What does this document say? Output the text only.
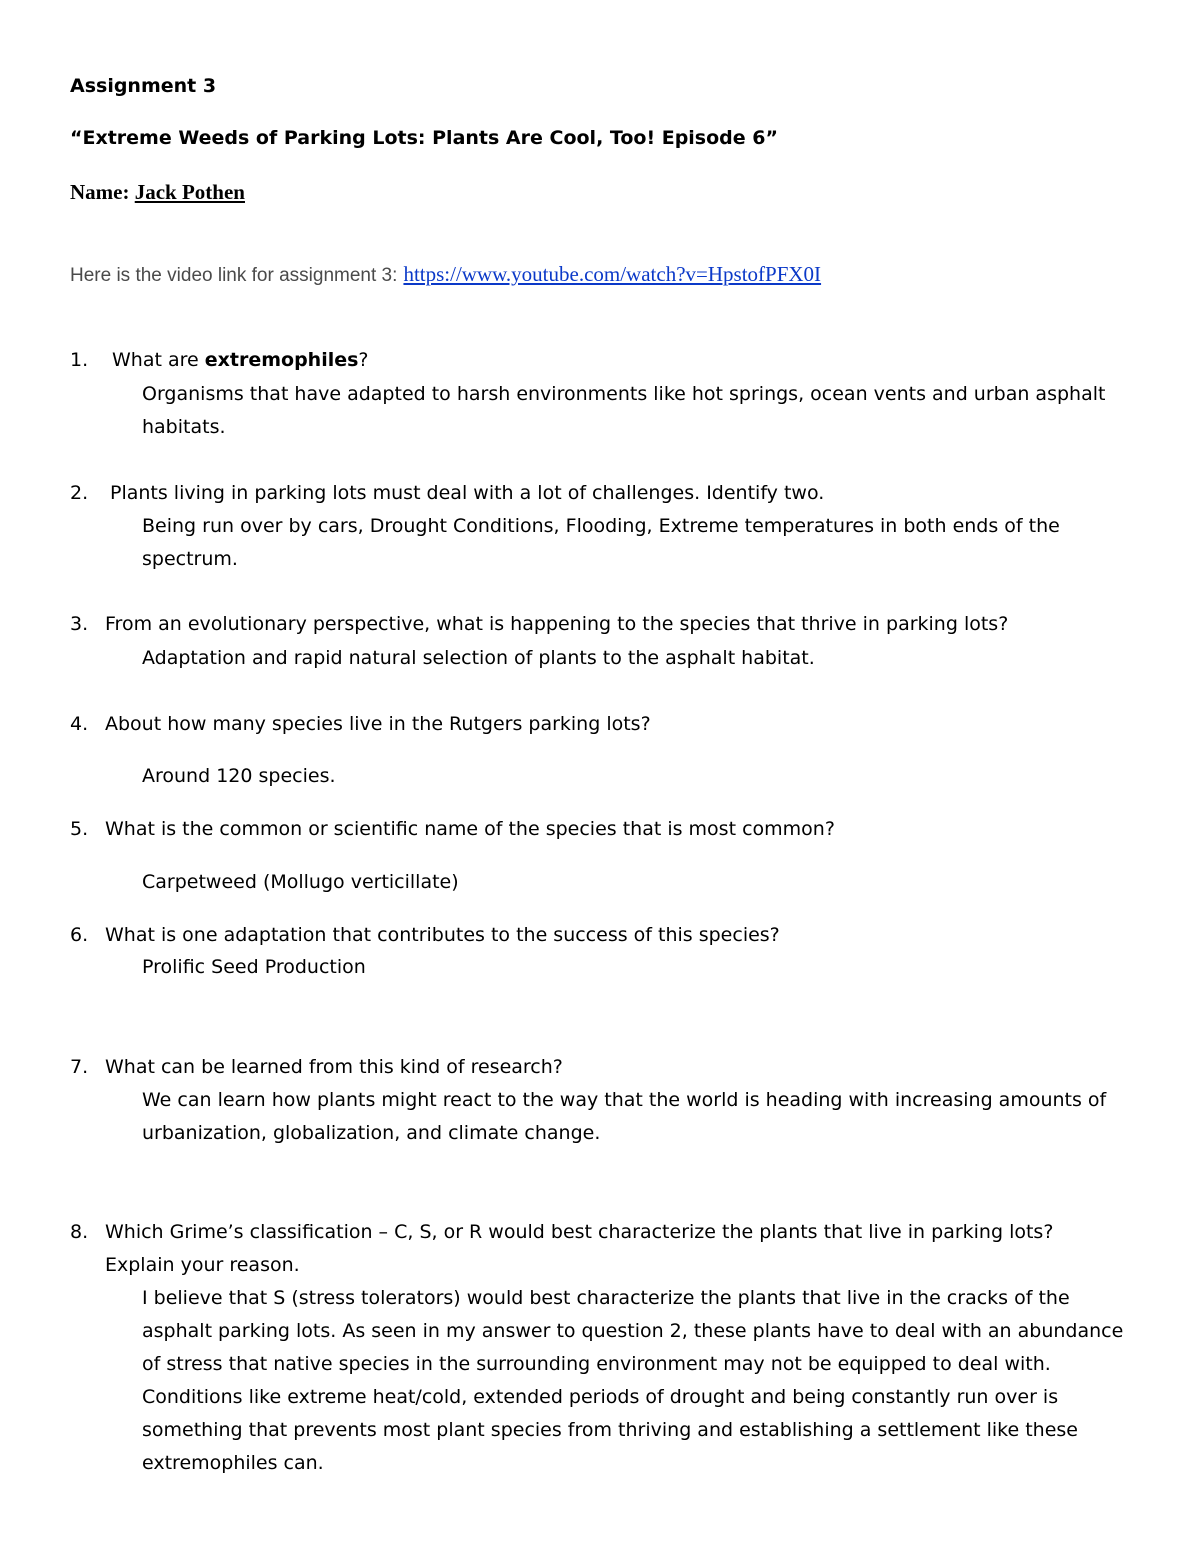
Assignment 3
“Extreme Weeds of Parking Lots: Plants Are Cool, Too! Episode 6”
Name: Jack Pothen
Here is the video link for assignment 3: https://www.youtube.com/watch?v=HpstofPFX0I
1. What are extremophiles?
Organisms that have adapted to harsh environments like hot springs, ocean vents and urban asphalt
habitats.
2. Plants living in parking lots must deal with a lot of challenges. Identify two.
Being run over by cars, Drought Conditions, Flooding, Extreme temperatures in both ends of the
spectrum.
3. From an evolutionary perspective, what is happening to the species that thrive in parking lots?
Adaptation and rapid natural selection of plants to the asphalt habitat.
4. About how many species live in the Rutgers parking lots?
Around 120 species.
5. What is the common or scientific name of the species that is most common?
Carpetweed (Mollugo verticillate)
6. What is one adaptation that contributes to the success of this species?
Prolific Seed Production
7. What can be learned from this kind of research?
We can learn how plants might react to the way that the world is heading with increasing amounts of
urbanization, globalization, and climate change.
8. Which Grime’s classification – C, S, or R would best characterize the plants that live in parking lots?
Explain your reason.
I believe that S (stress tolerators) would best characterize the plants that live in the cracks of the
asphalt parking lots. As seen in my answer to question 2, these plants have to deal with an abundance
of stress that native species in the surrounding environment may not be equipped to deal with.
Conditions like extreme heat/cold, extended periods of drought and being constantly run over is
something that prevents most plant species from thriving and establishing a settlement like these
extremophiles can.
